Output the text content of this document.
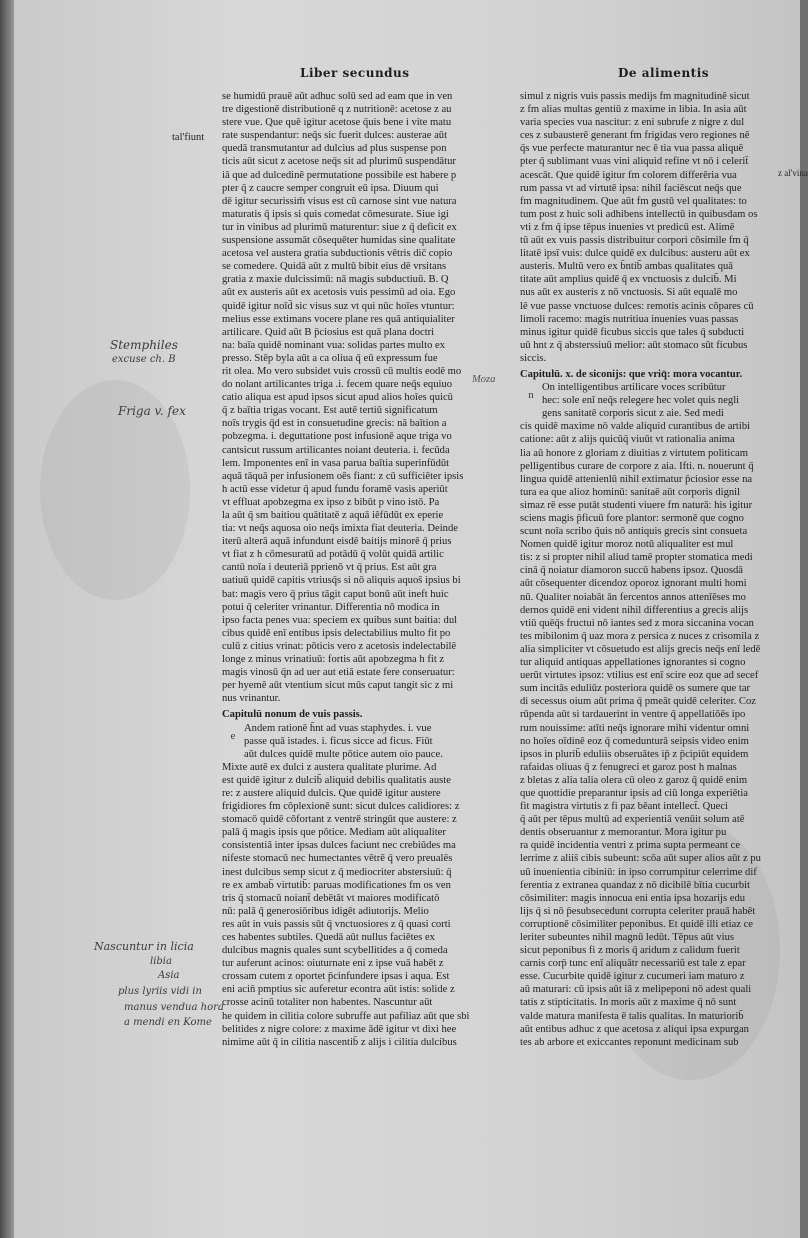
Liber secundus	De alimentis
se humidū prauē aūt adhuc solū sed ad eam que in ven
tre digestionē distributionē q z nutritionē: acetose z au
stere vue. Que quē igitur acetose q̄uis bene i vite matu
rate suspendantur: neq̄s sic fuerit dulces: austerae aūt
quedā transmutantur ad dulcius ad plus suspense pon
ticis aūt sicut z acetose neq̄s sit ad plurimū suspendātur
iā que ad dulcedinē permutatione possibile est habere p
pter q̄ z caucre semper congruit eū ipsa. Diuum qui
dē igitur securissim̄ visus est cū carnose sint vue natura
maturatis q̄ ipsis si quis comedat cōmesurate. Siue igi
tur in vinibus ad plurimū maturentur: siue z q̄ deficit ex
suspensione assumāt cōsequēter humidas sine qualitate
acetosa vel austera gratia subductionis vētris dic̄ copio
se comedere. Quidā aūt z multū bibit eius dē vrsitans
gratia z maxie dulcissimū: nā magis subductiuū. B. Q
aūt ex austeris aūt ex acetosis vuis pessimū ad oia. Ego
quidē igitur noīd̄ sic visus suz vt qui nūc hoīes vtuntur:
melius esse extimans vocere plane res quā antiquialiter
artilicare. Quid aūt B p̄ciosius est quā plana doctri
na: baīa quidē nominant vua: solidas partes multo ex
presso. Stēp byla aūt a ca oliua q̄ eū expressum fue
rit olea. Mo vero subsidet vuis crossū cū multis eodē mo
do nolant artilicantes triga .i. fecem quare neq̄s equiuo
catio aliqua est apud ipsos sicut apud alios hoīes quicū
q̄ z baītia trigas vocant. Est autē tertiū significatum
noīs trygis q̄d est in consuetudine grecis: nā baītion a
pobzegma. i. deguttatione post infusionē aque triga vo
cantsicut russum artilicantes noiant deuteria. i. fecūda
lem. Imponentes enī in vasa parua baītia superinfūdūt
aquā tāquā per infusionem oēs fiant: z cū sufficiēter ipsis
h actū esse videtur q̄ apud fundu foramē vasis aperiūt
vt effluat apobzegma ex ipso z bibūt p vino istō. Pa
la aūt q̄ sm baitiou quātitatē z aquā iēfūdūt ex eperie
tia: vt neq̄s aquosa oio neq̄s imixta fiat deuteria. Deinde
iterū alterā aquā infundunt eisdē baitijs minorē q̄ prius
vt fiat z h cōmesuratū ad potādū q̄ volūt quidā artilic
cantū noīa i deuteriā pprienō vt q̄ prius. Est aūt gra
uatiuū quidē capitis vtriusq̄s si nō aliquis aquos̄ ipsius bi
bat: magis vero q̄ prius tāgit caput bonū aūt ineft huic
potui q̄ celeriter vrinantur. Differentia nō modica in
ipso facta penes vua: speciem ex quibus sunt baitia: dul
cibus quidē enī entibus ipsis delectabilius multo fit po
culū z citius vrinat: pōticis vero z acetosis indelectabilē
longe z minus vrinatiuū: fortis aūt apobzegma h fit z
magis vinosū q̄n ad uer aut etiā estate fere conseruatur:
per hyemē aūt vtentium sicut mūs caput tangit sic z mi
nus vrinantur.
Capitulū nonum de vuis passis.
e
Andem rationē h̄nt ad vuas staphydes. i. vue
passe quā istades. i. ficus sicce ad ficus. Fiūt
aūt dulces quidē multe pōtice autem oio pauce.
Mixte autē ex dulci z austera qualitate plurime. Ad
est quidē igitur z dulcib̄ aliquid debilis qualitatis auste
re: z austere aliquid dulcis. Que quidē igitur austere
frigidiores fm cōplexionē sunt: sicut dulces calidiores: z
stomacō quidē cōfortant z ventrē stringūt que austere: z
palā q̄ magis ipsis que pōtice. Mediam aūt aliqualiter
consistentiā inter ipsas dulces faciunt nec crebiūdes ma
nifeste stomacū nec humectantes vētrē q̄ vero preualēs
inest dulcibus semp sicut z q̄ mediocriter abstersiuū: q̄
re ex ambab̄ virtutib̄: paruas modificationes fm os ven
tris q̄ stomacū noiant̄ debētāt vt maiores modificatō
nū: palā q̄ generosiōribus idigēt adiutorijs. Melio
res aūt in vuis passis sūt q̄ vnctuosiores z q̄ quasi corti
ces habentes subtiles. Quedā aūt nullus faciētes ex
dulcibus magnis quales sunt scybellitides a q̄ comeda
tur auferunt acinos: oiuturnate eni z ipse vuā habēt z
crossam cutem z oportet p̄cinfundere ipsas i aqua. Est
eni acin̄ pmptius sic auferetur econtra aūt istis: solide z
crosse acinū totaliter non habentes. Nascuntur aūt
he quidem in cilitia colore subruffe aut pafiliaz aūt que sbi
belitides z nigre colore: z maxime ādē igitur vt dixi hee
nimime aūt q̄ in cilitia nascentib̄ z alijs i cilitia dulcibus
simul z nigris vuis passis medijs fm magnitudinē sicut
z fm alias multas gentiū z maxime in libia. In asia aūt
varia species vua nascitur: z eni subrufe z nigre z dul
ces z subausterē generant fm frigidas vero regiones nē
q̄s vue perfecte maturantur nec ē tia vua passa aliquē
pter q̄ sublimant vuas vini aliquid refine vt nō i celerit̄
acescāt. Que quidē igitur fm colorem differēria vua
rum passa vt ad virtutē ipsa: nihil faciēscut neq̄s que
fm magnitudinem. Que aūt fm gustū vel qualitates: to
tum post z huic soli adhibens intellectū in quibusdam os
vti z fm q̄ ipse tēpus inuenies vt predicū est. Alimē
tū aūt ex vuis passis distribuitur corpori cōsimile fm q̄
litatē ipsī vuis: dulce quidē ex dulcibus: austeru aūt ex
austeris. Multū vero ex b̄ntib̄ ambas qualitates quā
titate aūt amplius quidē q̄ ex vnctuosis z dulcib̄. Mi
nus aūt ex austeris z nō vnctuosis. Si aūt equalē mo
lē vue passe vnctuose dulces: remotis acinis cōpares cū
limoli racemo: magis nutritiua inuenies vuas passas
minus igitur quidē ficubus siccis que tales q̄ subducti
uū hnt z q̄ absterssiuū melior: aūt stomaco sūt ficubus
siccis.
Capitulū. x. de siconijs: que vriq̄: mora vocantur.
n
On intelligentibus artilicare voces scribūtur
hec: sole enī neq̄s relegere hec volet quis negli
gens sanitatē corporis sicut z aie. Sed medi
cis quidē maxime nō valde aliquid curantibus de artibi
catione: aūt z alijs quicūq̄ viuūt vt rationalia anima
lia aū honore z gloriam z diuitias z virtutem politicam
pelligentibus curare de corpore z aia. Ifti. n. nouerunt q̄
lingua quidē attenienlū nihil extimatur p̄ciosior esse na
tura ea que alioz hominū: sanitaē aūt corporis dignil
simaz rē esse putāt studenti viuere fm naturā: his igitur
sciens magis p̄ficuū fore plantor: sermonē que cogno
scunt noīa scribo q̄uis nō antiquis grecis sint consueta
Nomen quidē igitur moroz notū aliqualiter est mul
tis: z si propter nihil aliud tamē propter stomatica medi
cinā q̄ noiatur diamoron succū habens ipsoz. Quosdā
aūt cōsequenter dicendoz oporoz ignorant multi homi
nū. Qualiter noiabāt ān fercentos annos attenīēses mo
dernos quidē eni vident nihil differentius a grecis alijs
vtiū quēq̄s fructui nō iantes sed z mora siccanina vocan
tes mibilonim q̄ uaz mora z persica z nuces z crisomila z
alia simpliciter vt cōsuetudo est alijs grecis neq̄s enī ledē
tur aliquid antiquas appellationes ignorantes si cogno
uerūt virtutes ipsoz: vtilius est enī scire eoz que ad secef
sum incitās eduliūz posteriora quidē os sumere que tar
di secessus oium aūt prima q̄ pmeāt quidē celeriter. Coz
rūpenda aūt si tardauerint in ventre q̄ appellatiōēs ipo
rum nouissime: atīti neq̄s ignorare mihi videntur omni
no hoīes oīdinē eoz q̄ comedunturā seipsis video enim
ipsos in plurib̄ eduliis obseruātes ip̄ z p̄cipiūt equidem
rafaidas oliuas q̄ z fenugreci et garoz post h malnas
z bletas z alia talia olera cū oleo z garoz q̄ quidē enim
que quottidie preparantur ipsis ad ciū longa experiētia
fit magistra virtutis z fi paz bēant intellect̄. Queci
q̄ aūt per tēpus multū ad experientiā venūit solum atē
dentis obseruantur z memorantur. Mora igitur pu
ra quidē incidentia ventri z prima supta permeant ce
lerrime z aliis̄ cibis subeunt: scōa aūt super alios aūt z pu
uū inuenientia cibiniū: in ipso corrumpitur celerrime dif
ferentia z extranea quandaz z nō dicibilē bītia cucurbit
cōsimiliter: magis innocua eni entia ipsa hozarijs edu
lijs q̄ si nō p̄esubsecedunt corrupta celeriter prauā habēt
corruptionē cōsimiliter peponibus. Et quidē illi etiaz ce
leriter subeuntes nihil magnū ledūt. Tēpus aūt vius
sicut peponibus fi z moris q̄ aridum z calidum fuerit
carnis corp̄ tunc enī aliquātr necessariū est tale z epar
esse. Cucurbite quidē igitur z cucumeri iam maturo z
aū maturari: cū ipsis aūt iā z melipeponi nō adest quali
tatis z stipticitatis. In moris aūt z maxime q̄ nō sunt
valde matura manifesta ē talis qualitas. In maturiorib̄
aūt entibus adhuc z que acetosa z aliqui ipsa expurgan
tes ab arbore et exiccantes reponunt medicinam sub
tal'fiunt
Moza
z al'vina
Stemphiles
excuse ch. B
Friga v. fex
Nascuntur in licia
libia
Asia
plus lyriis vidi in
manus vendua hora
a mendi en Kome
